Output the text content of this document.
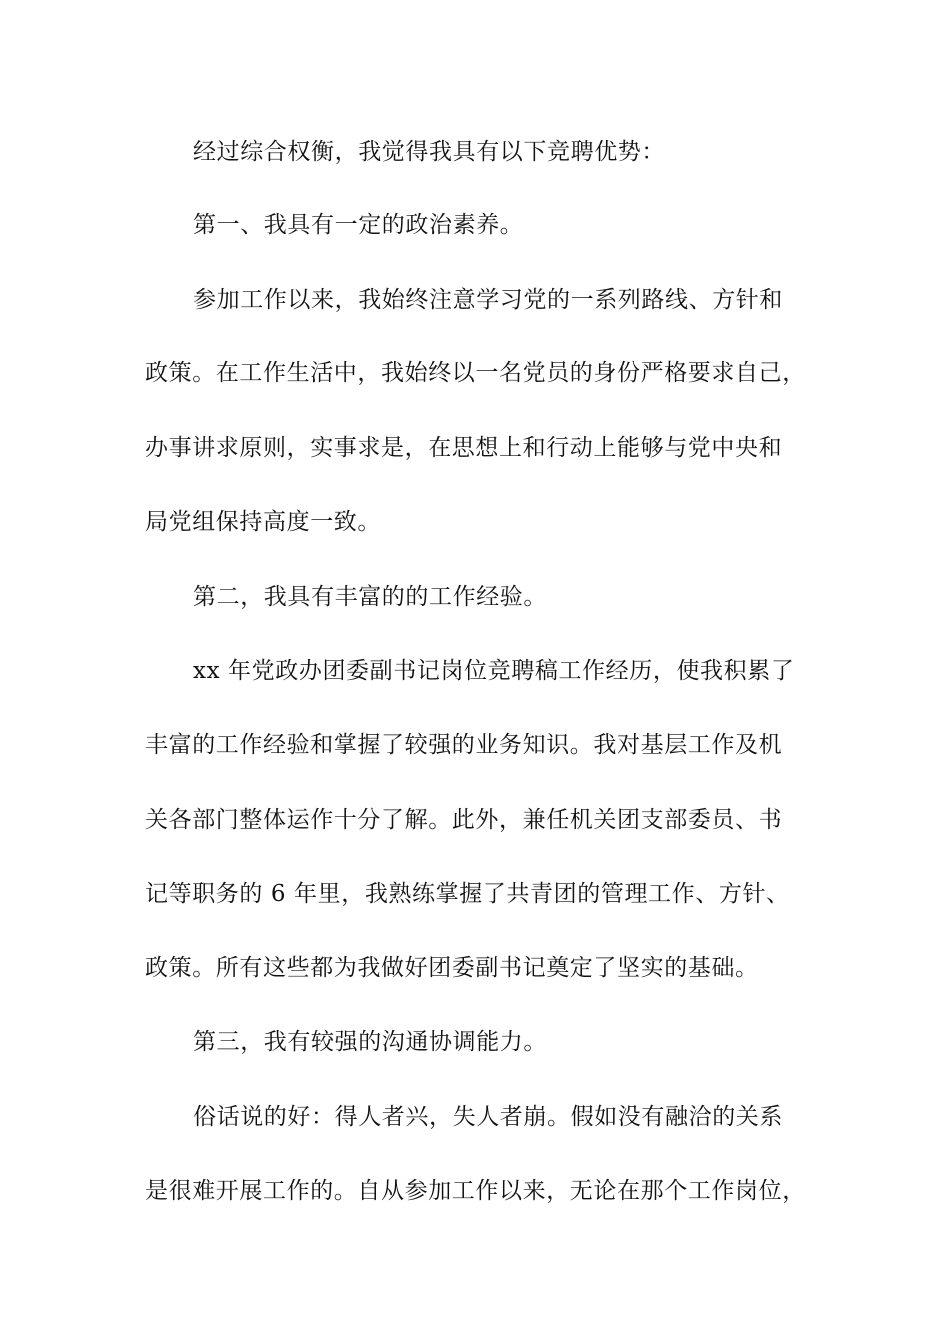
经过综合权衡，我觉得我具有以下竞聘优势：
第一、我具有一定的政治素养。
参加工作以来，我始终注意学习党的一系列路线、方针和
政策。在工作生活中，我始终以一名党员的身份严格要求自己，
办事讲求原则，实事求是，在思想上和行动上能够与党中央和
局党组保持高度一致。
第二，我具有丰富的的工作经验。
xx 年党政办团委副书记岗位竞聘稿工作经历，使我积累了
丰富的工作经验和掌握了较强的业务知识。我对基层工作及机
关各部门整体运作十分了解。此外，兼任机关团支部委员、书
记等职务的 6 年里，我熟练掌握了共青团的管理工作、方针、
政策。所有这些都为我做好团委副书记奠定了坚实的基础。
第三，我有较强的沟通协调能力。
俗话说的好：得人者兴，失人者崩。假如没有融洽的关系
是很难开展工作的。自从参加工作以来，无论在那个工作岗位，
